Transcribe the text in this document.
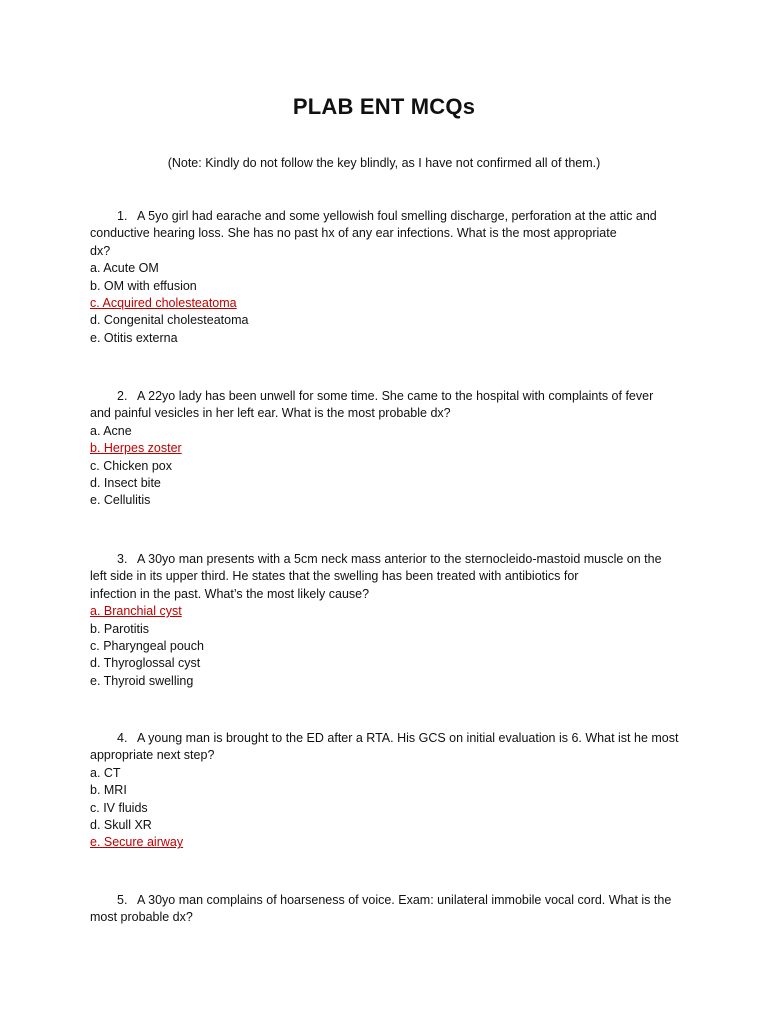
PLAB ENT MCQs
(Note: Kindly do not follow the key blindly, as I have not confirmed all of them.)

1. A 5yo girl had earache and some yellowish foul smelling discharge, perforation at the attic and
conductive hearing loss. She has no past hx of any ear infections. What is the most appropriate
dx?

a. Acute OM
b. OM with effusion
c. Acquired cholesteatoma
d. Congenital cholesteatoma
e. Otitis externa

2. A 22yo lady has been unwell for some time. She came to the hospital with complaints of fever
and painful vesicles in her left ear. What is the most probable dx?

a. Acne
b. Herpes zoster
c. Chicken pox
d. Insect bite
e. Cellulitis

3. A 30yo man presents with a 5cm neck mass anterior to the sternocleido-mastoid muscle on the
left side in its upper third. He states that the swelling has been treated with antibiotics for
infection in the past. What’s the most likely cause?

a. Branchial cyst
b. Parotitis
c. Pharyngeal pouch
d. Thyroglossal cyst
e. Thyroid swelling

4. A young man is brought to the ED after a RTA. His GCS on initial evaluation is 6. What ist he most
appropriate next step?

a. CT
b. MRI
c. IV fluids
d. Skull XR
e. Secure airway

5. A 30yo man complains of hoarseness of voice. Exam: unilateral immobile vocal cord. What is the
most probable dx?
